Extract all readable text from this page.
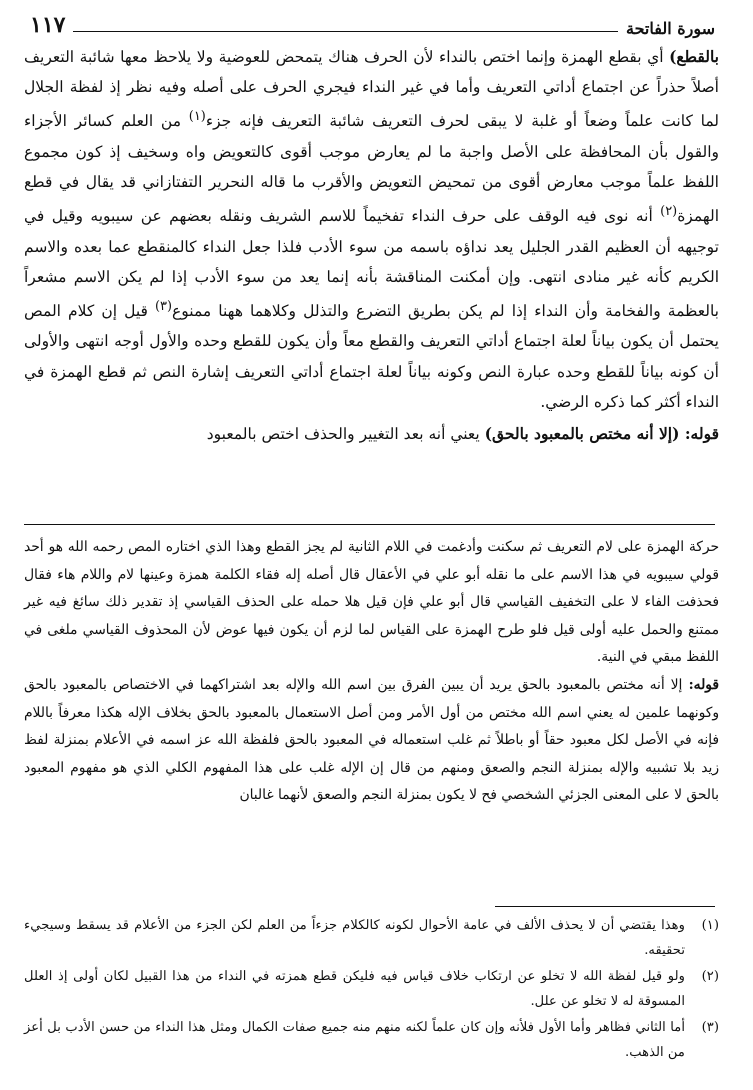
سورة الفاتحة
١١٧

بالقطع) أي بقطع الهمزة وإنما اختص بالنداء لأن الحرف هناك يتمحض للعوضية ولا يلاحظ معها شائبة التعريف أصلاً حذراً عن اجتماع أداتي التعريف وأما في غير النداء فيجري الحرف على أصله وفيه نظر إذ لفظة الجلال لما كانت علماً وضعاً أو غلبة لا يبقى لحرف التعريف شائبة التعريف فإنه جزء$^{(١)}$ من العلم كسائر الأجزاء والقول بأن المحافظة على الأصل واجبة ما لم يعارض موجب أقوى كالتعويض واه وسخيف إذ كون مجموع اللفظ علماً موجب معارض أقوى من تمحيض التعويض والأقرب ما قاله النحرير التفتازاني قد يقال في قطع الهمزة$^{(٢)}$ أنه نوى فيه الوقف على حرف النداء تفخيماً للاسم الشريف ونقله بعضهم عن سيبويه وقيل في توجيهه أن العظيم القدر الجليل يعد نداؤه باسمه من سوء الأدب فلذا جعل النداء كالمنقطع عما بعده والاسم الكريم كأنه غير منادى انتهى. وإن أمكنت المناقشة بأنه إنما يعد من سوء الأدب إذا لم يكن الاسم مشعراً بالعظمة والفخامة وأن النداء إذا لم يكن بطريق التضرع والتذلل وكلاهما ههنا ممنوع$^{(٣)}$ قيل إن كلام المص يحتمل أن يكون بياناً لعلة اجتماع أداتي التعريف والقطع معاً وأن يكون للقطع وحده والأول أوجه انتهى والأولى أن كونه بياناً للقطع وحده عبارة النص وكونه بياناً لعلة اجتماع أداتي التعريف إشارة النص ثم قطع الهمزة في النداء أكثر كما ذكره الرضي.

قوله: (إلا أنه مختص بالمعبود بالحق) يعني أنه بعد التغيير والحذف اختص بالمعبود

حركة الهمزة على لام التعريف ثم سكنت وأدغمت في اللام الثانية لم يجز القطع وهذا الذي اختاره المص رحمه الله هو أحد قولي سيبويه في هذا الاسم على ما نقله أبو علي في الأعقال قال أصله إله فقاء الكلمة همزة وعينها لام واللام هاء فقال فحذفت الفاء لا على التخفيف القياسي قال أبو علي فإن قيل هلا حمله على الحذف القياسي إذ تقدير ذلك سائغ فيه غير ممتنع والحمل عليه أولى قيل فلو طرح الهمزة على القياس لما لزم أن يكون فيها عوض لأن المحذوف القياسي ملغى في اللفظ مبقي في النية.

قوله: إلا أنه مختص بالمعبود بالحق يريد أن يبين الفرق بين اسم الله والإله بعد اشتراكهما في الاختصاص بالمعبود بالحق وكونهما علمين له يعني اسم الله مختص من أول الأمر ومن أصل الاستعمال بالمعبود بالحق بخلاف الإله هكذا معرفاً باللام فإنه في الأصل لكل معبود حقاً أو باطلاً ثم غلب استعماله في المعبود بالحق فلفظة الله عز اسمه في الأعلام بمنزلة لفظ زيد بلا تشبيه والإله بمنزلة النجم والصعق ومنهم من قال إن الإله غلب على هذا المفهوم الكلي الذي هو مفهوم المعبود بالحق لا على المعنى الجزئي الشخصي فح لا يكون بمنزلة النجم والصعق لأنهما غالبان

(١)
وهذا يقتضي أن لا يحذف الألف في عامة الأحوال لكونه كالكلام جزءاً من العلم لكن الجزء من الأعلام قد يسقط وسيجيء تحقيقه.
(٢)
ولو قيل لفظة الله لا تخلو عن ارتكاب خلاف قياس فيه فليكن قطع همزته في النداء من هذا القبيل لكان أولى إذ العلل المسوقة له لا تخلو عن علل.
(٣)
أما الثاني فظاهر وأما الأول فلأنه وإن كان علماً لكنه منهم منه جميع صفات الكمال ومثل هذا النداء من حسن الأدب بل أعز من الذهب.
